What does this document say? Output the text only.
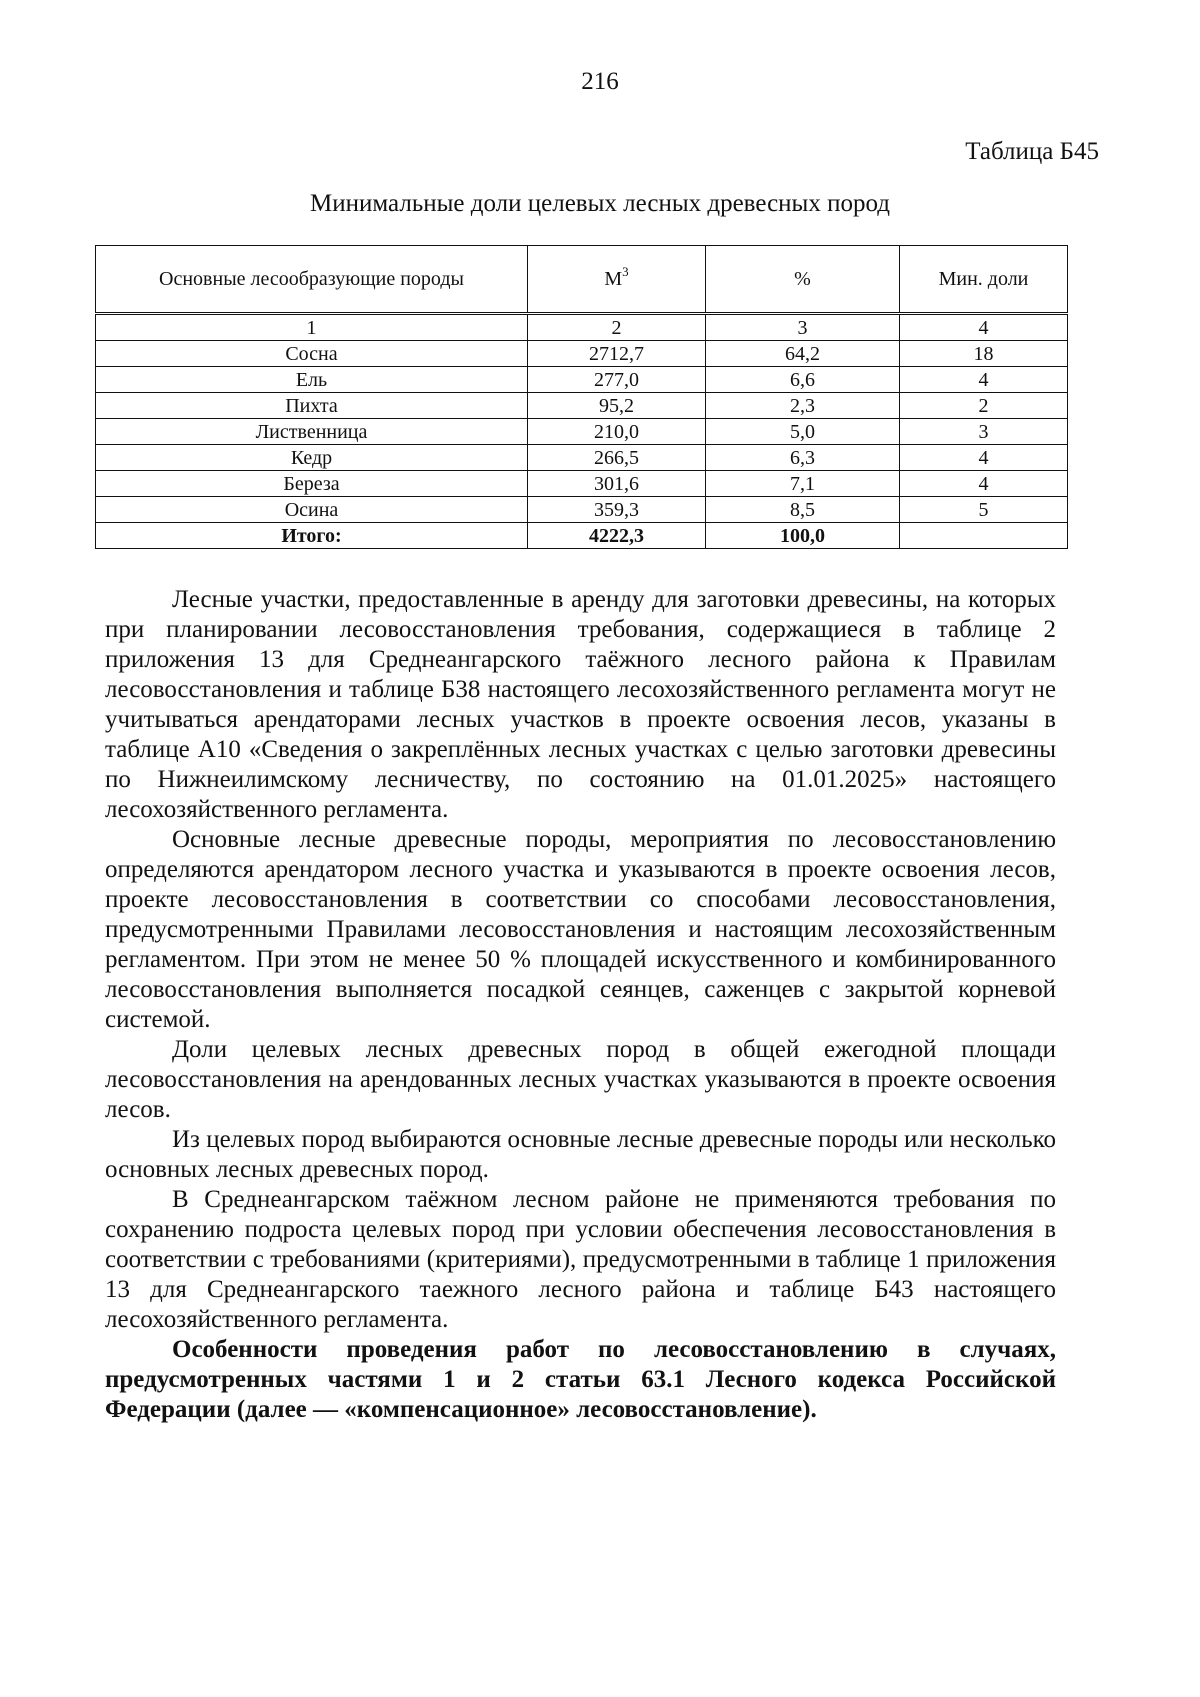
216
Таблица Б45
Минимальные доли целевых лесных древесных пород
Основные лесообразующие породы	$М^3$	%	Мин. доли
1	2	3	4
Сосна	2712,7	64,2	18
Ель	277,0	6,6	4
Пихта	95,2	2,3	2
Лиственница	210,0	5,0	3
Кедр	266,5	6,3	4
Береза	301,6	7,1	4
Осина	359,3	8,5	5
Итого:	4222,3	100,0	

Лесные участки, предоставленные в аренду для заготовки древесины, на которых при планировании лесовосстановления требования, содержащиеся в таблице 2 приложения 13 для Среднеангарского таёжного лесного района к Правилам лесовосстановления и таблице Б38 настоящего лесохозяйственного регламента могут не учитываться арендаторами лесных участков в проекте освоения лесов, указаны в таблице А10 «Сведения о закреплённых лесных участках с целью заготовки древесины по Нижнеилимскому лесничеству, по состоянию на 01.01.2025» настоящего лесохозяйственного регламента.

Основные лесные древесные породы, мероприятия по лесовосстановлению определяются арендатором лесного участка и указываются в проекте освоения лесов, проекте лесовосстановления в соответствии со способами лесовосстановления, предусмотренными Правилами лесовосстановления и настоящим лесохозяйственным регламентом. При этом не менее 50 % площадей искусственного и комбинированного лесовосстановления выполняется посадкой сеянцев, саженцев с закрытой корневой системой.

Доли целевых лесных древесных пород в общей ежегодной площади лесовосстановления на арендованных лесных участках указываются в проекте освоения лесов.

Из целевых пород выбираются основные лесные древесные породы или несколько основных лесных древесных пород.

В Среднеангарском таёжном лесном районе не применяются требования по сохранению подроста целевых пород при условии обеспечения лесовосстановления в соответствии с требованиями (критериями), предусмотренными в таблице 1 приложения 13 для Среднеангарского таежного лесного района и таблице Б43 настоящего лесохозяйственного регламента.

Особенности проведения работ по лесовосстановлению в случаях, предусмотренных частями 1 и 2 статьи 63.1 Лесного кодекса Российской Федерации (далее — «компенсационное» лесовосстановление).
